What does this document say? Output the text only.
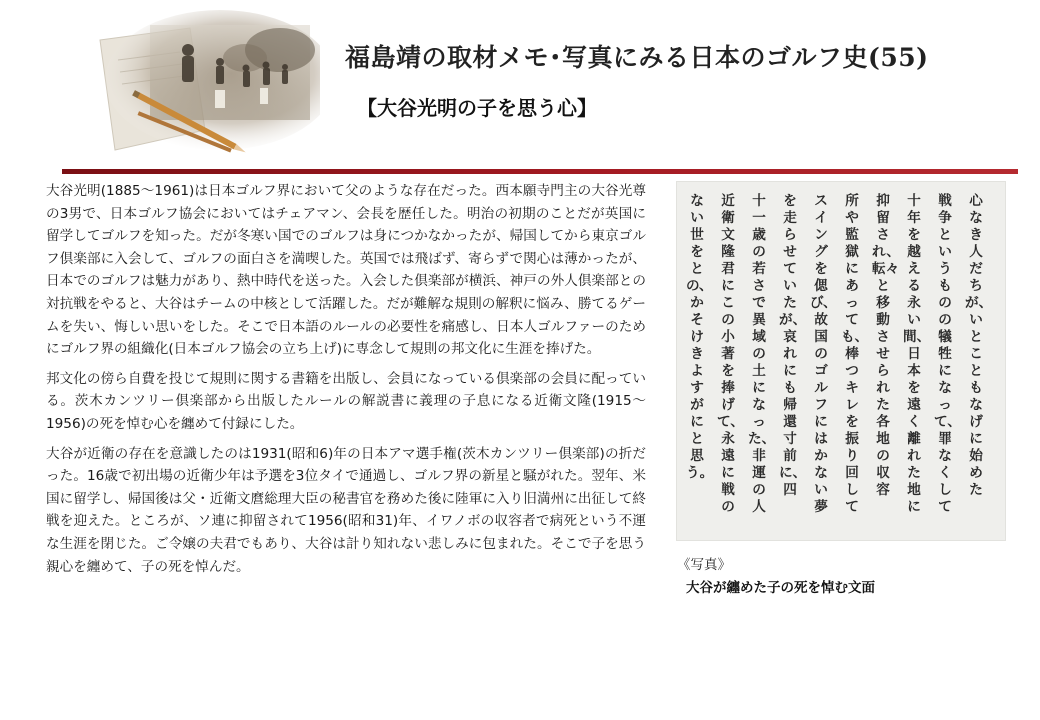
福島靖の取材メモ･写真にみる日本のゴルフ史(55)
【大谷光明の子を思う心】

大谷光明(1885～1961)は日本ゴルフ界において父のような存在だった。西本願寺門主の大谷光尊の3男で、日本ゴルフ協会においてはチェアマン、会長を歴任した。明治の初期のことだが英国に留学してゴルフを知った。だが冬寒い国でのゴルフは身につかなかったが、帰国してから東京ゴルフ倶楽部に入会して、ゴルフの面白さを満喫した。英国では飛ばず、寄らずで関心は薄かったが、日本でのゴルフは魅力があり、熱中時代を送った。入会した倶楽部が横浜、神戸の外人倶楽部との対抗戦をやると、大谷はチームの中核として活躍した。だが難解な規則の解釈に悩み、勝てるゲームを失い、悔しい思いをした。そこで日本語のルールの必要性を痛感し、日本人ゴルファーのためにゴルフ界の組織化(日本ゴルフ協会の立ち上げ)に専念して規則の邦文化に生涯を捧げた。

邦文化の傍ら自費を投じて規則に関する書籍を出版し、会員になっている倶楽部の会員に配っている。茨木カンツリー倶楽部から出版したルールの解説書に義理の子息になる近衛文隆(1915～1956)の死を悼む心を纏めて付録にした。

大谷が近衛の存在を意識したのは1931(昭和6)年の日本アマ選手権(茨木カンツリー倶楽部)の折だった。16歳で初出場の近衛少年は予選を3位タイで通過し、ゴルフ界の新星と騒がれた。翌年、米国に留学し、帰国後は父・近衛文麿総理大臣の秘書官を務めた後に陸軍に入り旧満州に出征して終戦を迎えた。ところが、ソ連に抑留されて1956(昭和31)年、イワノボの収容者で病死という不運な生涯を閉じた。ご令嬢の夫君でもあり、大谷は計り知れない悲しみに包まれた。そこで子を思う親心を纏めて、子の死を悼んだ。

心なき人だちが、いとこともなげに始めた
戦争というものの犠牲になって、罪なくして
十年を越える永い間、日本を遠く離れた地に
抑留され、転々と移動させられた各地の収容
所や監獄にあっても、棒つキレを振り回して
スイングを偲び、故国のゴルフにはかない夢
を走らせていたが、哀れにも帰還寸前に、四
十一歳の若さで異域の土になった、非運の人
近衛文隆君にこの小著を捧げて、永遠に戦の
ない世をとの、かそけきよすがにと思う。
《写真》
大谷が纏めた子の死を悼む文面
